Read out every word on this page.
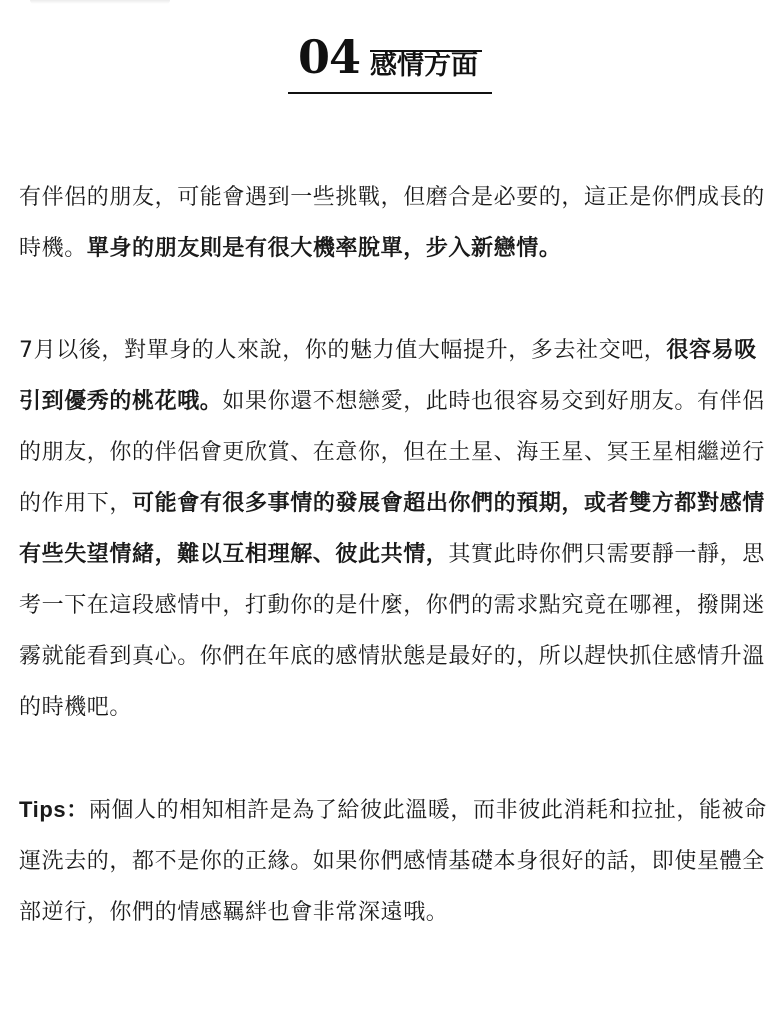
04 感情方面

有伴侶的朋友，可能會遇到一些挑戰，但磨合是必要的，這正是你們成長的時機。單身的朋友則是有很大機率脫單，步入新戀情。

7月以後，對單身的人來說，你的魅力值大幅提升，多去社交吧，很容易吸引到優秀的桃花哦。如果你還不想戀愛，此時也很容易交到好朋友。有伴侶的朋友，你的伴侶會更欣賞、在意你，但在土星、海王星、冥王星相繼逆行的作用下，可能會有很多事情的發展會超出你們的預期，或者雙方都對感情有些失望情緒，難以互相理解、彼此共情，其實此時你們只需要靜一靜，思考一下在這段感情中，打動你的是什麼，你們的需求點究竟在哪裡，撥開迷霧就能看到真心。你們在年底的感情狀態是最好的，所以趕快抓住感情升溫的時機吧。

Tips：兩個人的相知相許是為了給彼此溫暖，而非彼此消耗和拉扯，能被命運洗去的，都不是你的正緣。如果你們感情基礎本身很好的話，即使星體全部逆行，你們的情感羈絆也會非常深遠哦。
